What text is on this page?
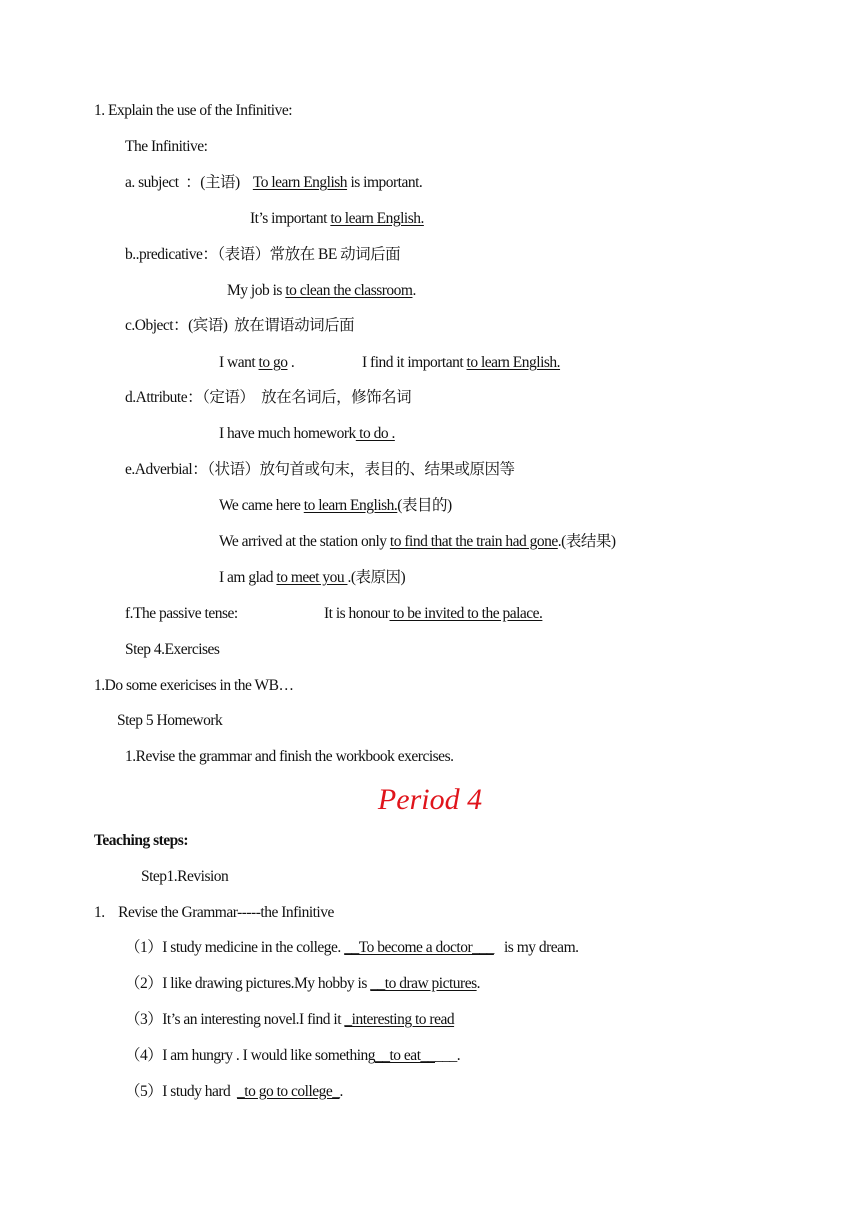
1. Explain the use of the Infinitive:
The Infinitive:
a. subject  ：(主语)    To learn English is important.
It’s important to learn English.
b..predicative：（表语）常放在 BE 动词后面
My job is to clean the classroom.
c.Object：(宾语)  放在谓语动词后面
I want to go .	I find it important to learn English.
d.Attribute：（定语）  放在名词后，修饰名词
I have much homework to do .
e.Adverbial：（状语）放句首或句末，表目的、结果或原因等
We came here to learn English.(表目的)
We arrived at the station only to find that the train had gone.(表结果)
I am glad to meet you .(表原因)
f.The passive tense:	It is honour to be invited to the palace.
Step 4.Exercises
1.Do some exericises in the WB…
Step 5 Homework
1.Revise the grammar and finish the workbook exercises.
Period 4
Teaching steps:
Step1.Revision
1.    Revise the Grammar-----the Infinitive
（1）I study medicine in the college. __To become a doctor___   is my dream.
（2）I like drawing pictures.My hobby is __to draw pictures.
（3）It’s an interesting novel.I find it _interesting to read
（4）I am hungry . I would like something__to eat_____.
（5）I study hard  _to go to college_.
